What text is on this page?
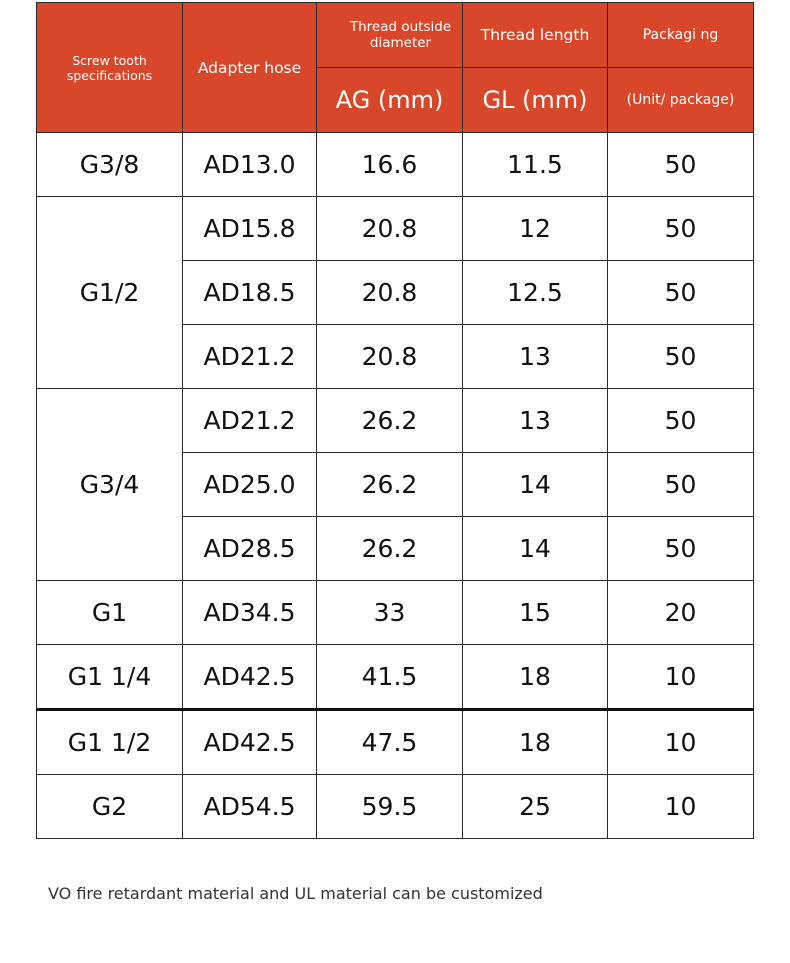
Screw tooth specifications	Adapter hose	Thread outside diameter	Thread length	Packagi ng
		AG (mm)	GL (mm)	(Unit/ package)
G3/8	AD13.0	16.6	11.5	50
G1/2	AD15.8	20.8	12	50
	AD18.5	20.8	12.5	50
	AD21.2	20.8	13	50
G3/4	AD21.2	26.2	13	50
	AD25.0	26.2	14	50
	AD28.5	26.2	14	50
G1	AD34.5	33	15	20
G1 1/4	AD42.5	41.5	18	10
G1 1/2	AD42.5	47.5	18	10
G2	AD54.5	59.5	25	10
VO fire retardant material and UL material can be customized
